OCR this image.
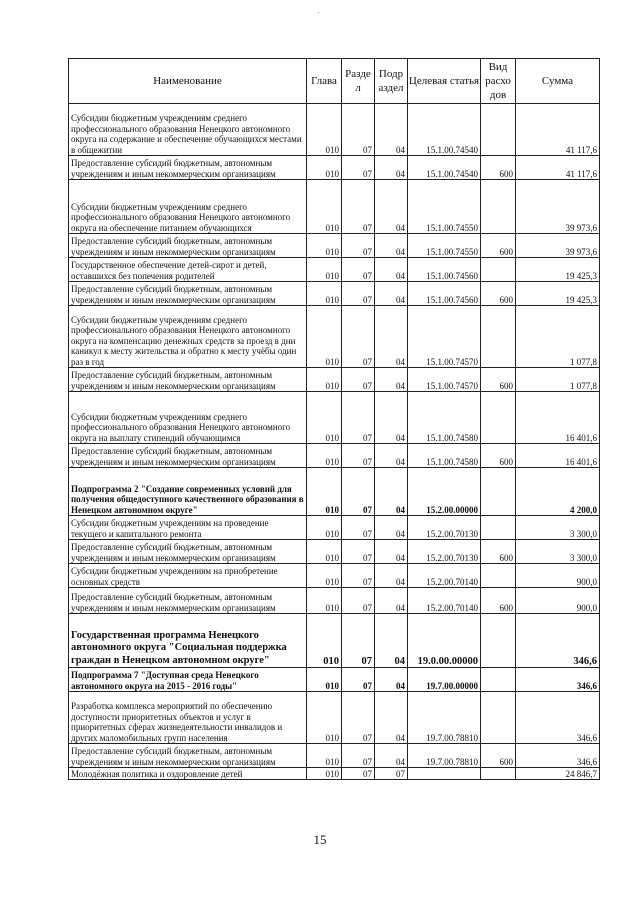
Наименование	Глава	Разде л	Подр аздел	Целевая статья	Вид расхо дов	Сумма
Субсидии бюджетным учреждениям среднего профессионального образования Ненецкого автономного округа на содержание и обеспечение обучающихся местами в общежитии	010	07	04	15.1.00.74540		41 117,6
Предоставление субсидий бюджетным, автономным учреждениям и иным некоммерческим организациям	010	07	04	15.1.00.74540	600	41 117,6
Субсидии бюджетным учреждениям среднего профессионального образования Ненецкого автономного округа на обеспечение питанием обучающихся	010	07	04	15.1.00.74550		39 973,6
Предоставление субсидий бюджетным, автономным учреждениям и иным некоммерческим организациям	010	07	04	15.1.00.74550	600	39 973,6
Государственное обеспечение детей-сирот и детей, оставшихся без попечения родителей	010	07	04	15.1.00.74560		19 425,3
Предоставление субсидий бюджетным, автономным учреждениям и иным некоммерческим организациям	010	07	04	15.1.00.74560	600	19 425,3
Субсидии бюджетным учреждениям среднего профессионального образования Ненецкого автономного округа на компенсацию денежных средств за проезд в дни каникул к месту жительства и обратно к месту учёбы один раз в год	010	07	04	15.1.00.74570		1 077,8
Предоставление субсидий бюджетным, автономным учреждениям и иным некоммерческим организациям	010	07	04	15.1.00.74570	600	1 077,8
Субсидии бюджетным учреждениям среднего профессионального образования Ненецкого автономного округа на выплату стипендий обучающимся	010	07	04	15.1.00.74580		16 401,6
Предоставление субсидий бюджетным, автономным учреждениям и иным некоммерческим организациям	010	07	04	15.1.00.74580	600	16 401,6
Подпрограмма 2 "Создание современных условий для получения общедоступного качественного образования в Ненецком автономном округе"	010	07	04	15.2.00.00000		4 200,0
Субсидии бюджетным учреждениям на проведение текущего и капитального ремонта	010	07	04	15.2.00.70130		3 300,0
Предоставление субсидий бюджетным, автономным учреждениям и иным некоммерческим организациям	010	07	04	15.2.00.70130	600	3 300,0
Субсидии бюджетным учреждениям на приобретение основных средств	010	07	04	15.2.00.70140		900,0
Предоставление субсидий бюджетным, автономным учреждениям и иным некоммерческим организациям	010	07	04	15.2.00.70140	600	900,0
Государственная программа Ненецкого автономного округа "Социальная поддержка граждан в Ненецком автономном округе"	010	07	04	19.0.00.00000		346,6
Подпрограмма 7 "Доступная среда Ненецкого автономного округа на 2015 - 2016 годы"	010	07	04	19.7.00.00000		346,6
Разработка комплекса мероприятий по обеспечению доступности приоритетных объектов и услуг в приоритетных сферах жизнедеятельности инвалидов и других маломобильных групп населения	010	07	04	19.7.00.78810		346,6
Предоставление субсидий бюджетным, автономным учреждениям и иным некоммерческим организациям	010	07	04	19.7.00.78810	600	346,6
Молодёжная политика и оздоровление детей	010	07	07			24 846,7
15
